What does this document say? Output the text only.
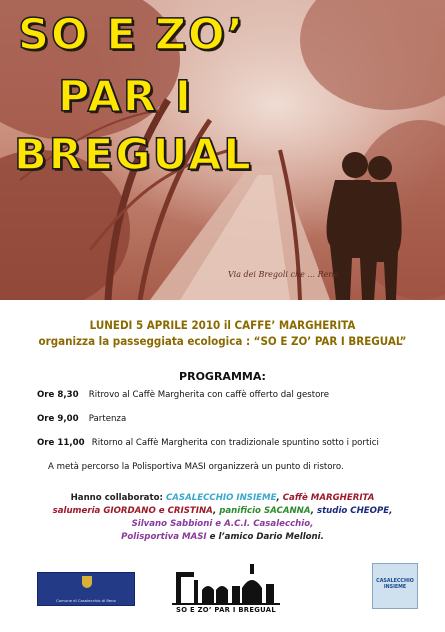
SO E ZO’
PAR I
BREGUAL
Via dei Bregoli che ... Reno
LUNEDI 5 APRILE 2010 il CAFFE’ MARGHERITA
organizza la passeggiata ecologica : “SO E ZO’ PAR I BREGUAL”
PROGRAMMA:
Ore 8,30 Ritrovo al Caffè Margherita con caffè offerto dal gestore
Ore 9,00 Partenza
Ore 11,00 Ritorno al Caffè Margherita con tradizionale spuntino sotto i portici
A metà percorso la Polisportiva MASI organizzerà un punto di ristoro.
Hanno collaborato: CASALECCHIO INSIEME, Caffè MARGHERITA
salumeria GIORDANO e CRISTINA, panificio SACANNA, studio CHEOPE,
Silvano Sabbioni e A.C.I. Casalecchio,
Polisportiva MASI e l’amico Dario Melloni.
Comune di Casalecchio di Reno
SO E ZO’ PAR I BREGUAL
CASALECCHIO
INSIEME
